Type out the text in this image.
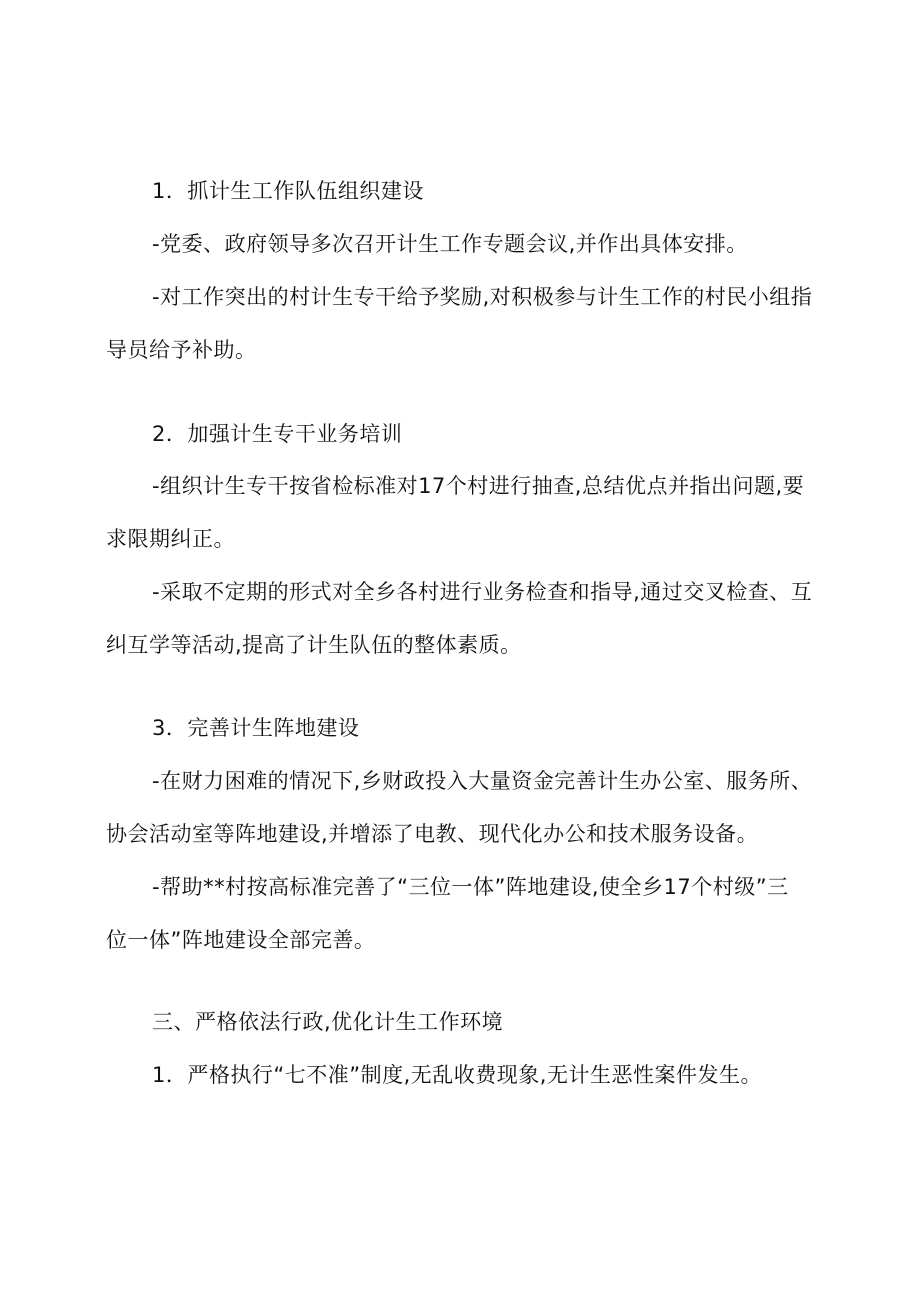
1．抓计生工作队伍组织建设

-党委、政府领导多次召开计生工作专题会议,并作出具体安排。

-对工作突出的村计生专干给予奖励,对积极参与计生工作的村民小组指

导员给予补助。

2．加强计生专干业务培训

-组织计生专干按省检标准对17个村进行抽查,总结优点并指出问题,要

求限期纠正。

-采取不定期的形式对全乡各村进行业务检查和指导,通过交叉检查、互

纠互学等活动,提高了计生队伍的整体素质。

3．完善计生阵地建设

-在财力困难的情况下,乡财政投入大量资金完善计生办公室、服务所、

协会活动室等阵地建设,并增添了电教、现代化办公和技术服务设备。

-帮助**村按高标准完善了“三位一体”阵地建设,使全乡17个村级”三

位一体”阵地建设全部完善。

三、严格依法行政,优化计生工作环境

1．严格执行“七不准”制度,无乱收费现象,无计生恶性案件发生。
